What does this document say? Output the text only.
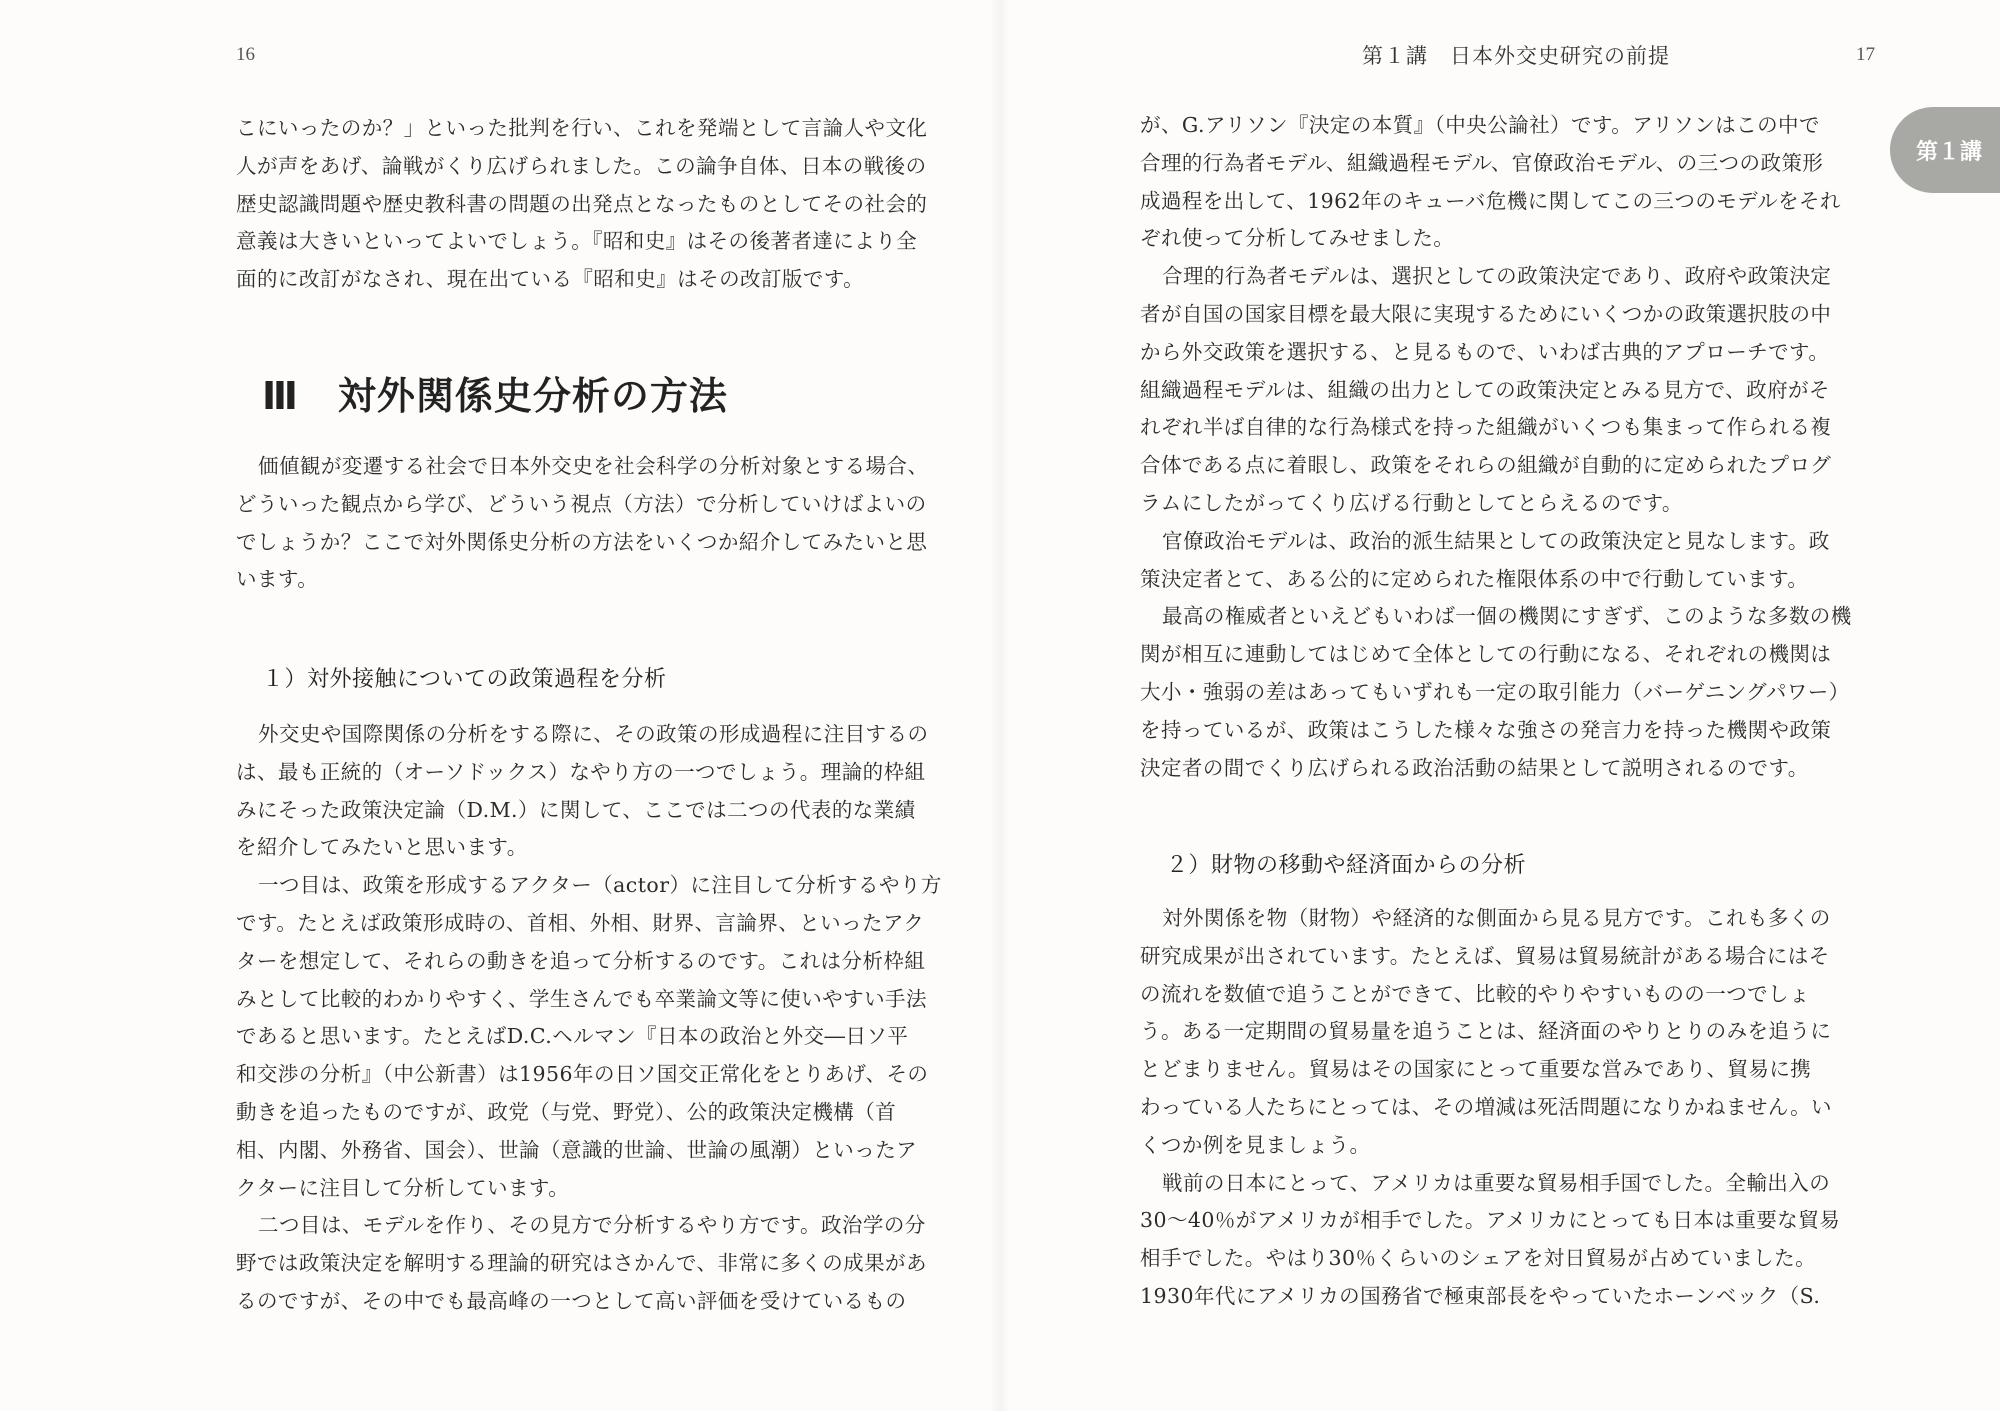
16

こにいったのか？」といった批判を行い、これを発端として言論人や文化

人が声をあげ、論戦がくり広げられました。この論争自体、日本の戦後の

歴史認識問題や歴史教科書の問題の出発点となったものとしてその社会的

意義は大きいといってよいでしょう。『昭和史』はその後著者達により全

面的に改訂がなされ、現在出ている『昭和史』はその改訂版です。

Ⅲ　対外関係史分析の方法

価値観が変遷する社会で日本外交史を社会科学の分析対象とする場合、

どういった観点から学び、どういう視点（方法）で分析していけばよいの

でしょうか？ここで対外関係史分析の方法をいくつか紹介してみたいと思

います。

１）対外接触についての政策過程を分析

外交史や国際関係の分析をする際に、その政策の形成過程に注目するの

は、最も正統的（オーソドックス）なやり方の一つでしょう。理論的枠組

みにそった政策決定論（D.M.）に関して、ここでは二つの代表的な業績

を紹介してみたいと思います。

一つ目は、政策を形成するアクター（actor）に注目して分析するやり方

です。たとえば政策形成時の、首相、外相、財界、言論界、といったアク

ターを想定して、それらの動きを追って分析するのです。これは分析枠組

みとして比較的わかりやすく、学生さんでも卒業論文等に使いやすい手法

であると思います。たとえばD.C.ヘルマン『日本の政治と外交―日ソ平

和交渉の分析』（中公新書）は1956年の日ソ国交正常化をとりあげ、その

動きを追ったものですが、政党（与党、野党）、公的政策決定機構（首

相、内閣、外務省、国会）、世論（意識的世論、世論の風潮）といったア

クターに注目して分析しています。

二つ目は、モデルを作り、その見方で分析するやり方です。政治学の分

野では政策決定を解明する理論的研究はさかんで、非常に多くの成果があ

るのですが、その中でも最高峰の一つとして高い評価を受けているもの

第１講　日本外交史研究の前提	17
第１講

が、G.アリソン『決定の本質』（中央公論社）です。アリソンはこの中で

合理的行為者モデル、組織過程モデル、官僚政治モデル、の三つの政策形

成過程を出して、1962年のキューバ危機に関してこの三つのモデルをそれ

ぞれ使って分析してみせました。

合理的行為者モデルは、選択としての政策決定であり、政府や政策決定

者が自国の国家目標を最大限に実現するためにいくつかの政策選択肢の中

から外交政策を選択する、と見るもので、いわば古典的アプローチです。

組織過程モデルは、組織の出力としての政策決定とみる見方で、政府がそ

れぞれ半ば自律的な行為様式を持った組織がいくつも集まって作られる複

合体である点に着眼し、政策をそれらの組織が自動的に定められたプログ

ラムにしたがってくり広げる行動としてとらえるのです。

官僚政治モデルは、政治的派生結果としての政策決定と見なします。政

策決定者とて、ある公的に定められた権限体系の中で行動しています。

最高の権威者といえどもいわば一個の機関にすぎず、このような多数の機

関が相互に連動してはじめて全体としての行動になる、それぞれの機関は

大小・強弱の差はあってもいずれも一定の取引能力（バーゲニングパワー）

を持っているが、政策はこうした様々な強さの発言力を持った機関や政策

決定者の間でくり広げられる政治活動の結果として説明されるのです。

２）財物の移動や経済面からの分析

対外関係を物（財物）や経済的な側面から見る見方です。これも多くの

研究成果が出されています。たとえば、貿易は貿易統計がある場合にはそ

の流れを数値で追うことができて、比較的やりやすいものの一つでしょ

う。ある一定期間の貿易量を追うことは、経済面のやりとりのみを追うに

とどまりません。貿易はその国家にとって重要な営みであり、貿易に携

わっている人たちにとっては、その増減は死活問題になりかねません。い

くつか例を見ましょう。

戦前の日本にとって、アメリカは重要な貿易相手国でした。全輸出入の

30～40％がアメリカが相手でした。アメリカにとっても日本は重要な貿易

相手でした。やはり30％くらいのシェアを対日貿易が占めていました。

1930年代にアメリカの国務省で極東部長をやっていたホーンベック（S.
